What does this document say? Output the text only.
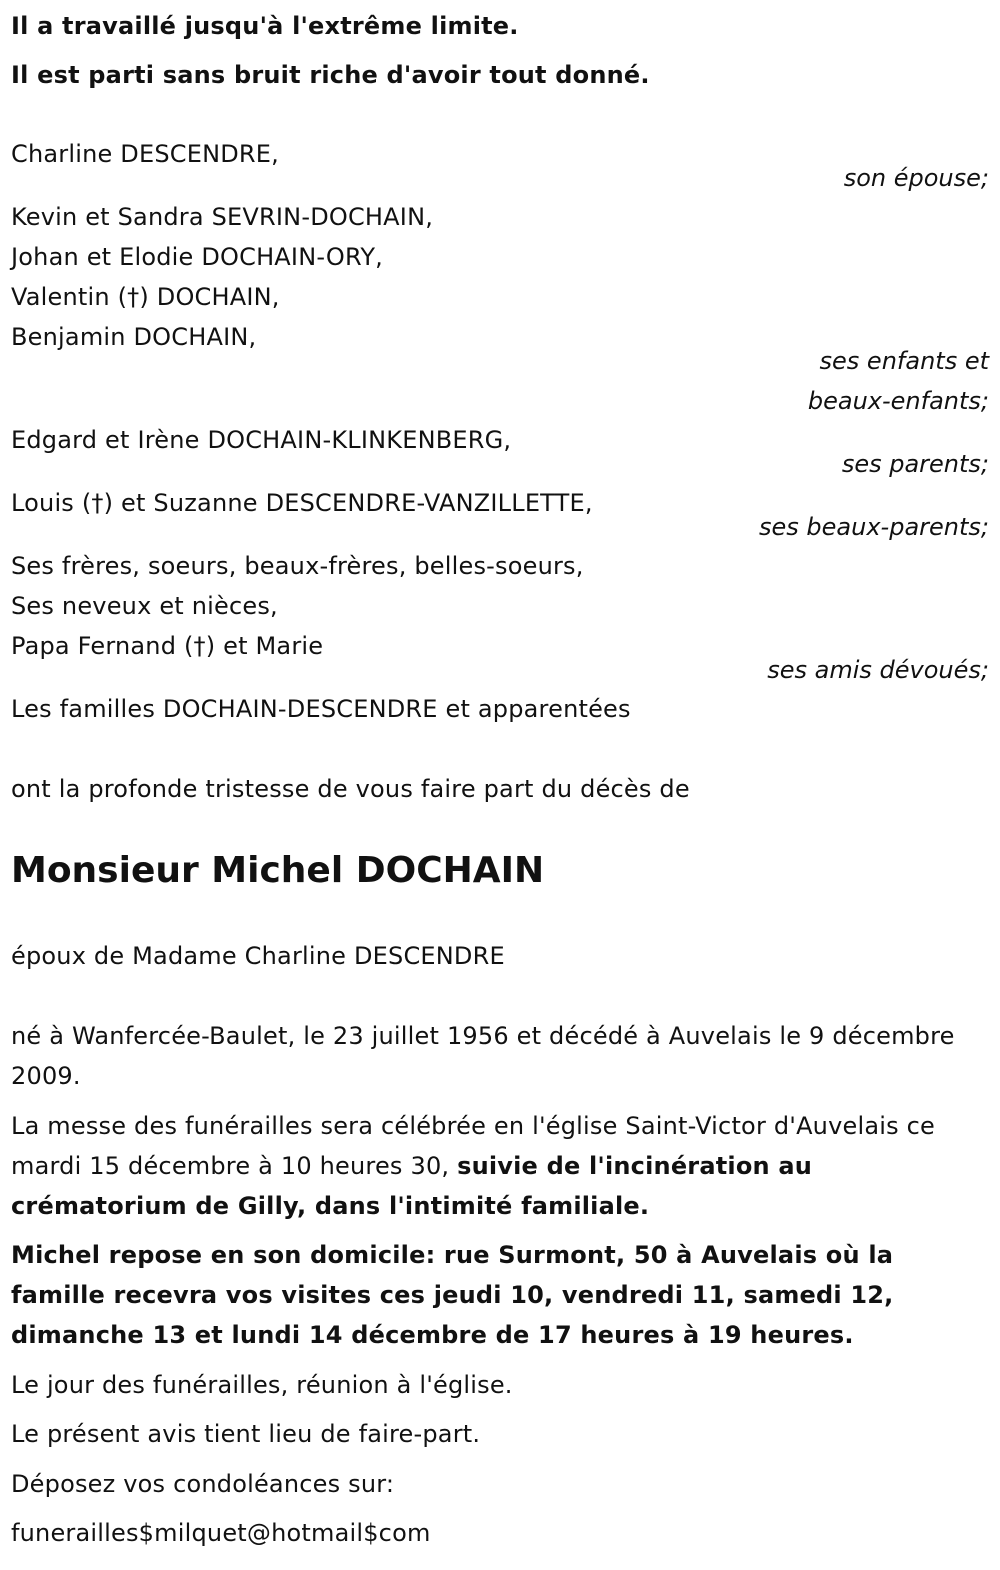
Il a travaillé jusqu'à l'extrême limite.
Il est parti sans bruit riche d'avoir tout donné.
Charline DESCENDRE,
son épouse;
Kevin et Sandra SEVRIN-DOCHAIN,
Johan et Elodie DOCHAIN-ORY,
Valentin (†) DOCHAIN,
Benjamin DOCHAIN,
ses enfants et
beaux-enfants;
Edgard et Irène DOCHAIN-KLINKENBERG,
ses parents;
Louis (†) et Suzanne DESCENDRE-VANZILLETTE,
ses beaux-parents;
Ses frères, soeurs, beaux-frères, belles-soeurs,
Ses neveux et nièces,
Papa Fernand (†) et Marie
ses amis dévoués;
Les familles DOCHAIN-DESCENDRE et apparentées
ont la profonde tristesse de vous faire part du décès de
Monsieur Michel DOCHAIN
époux de Madame Charline DESCENDRE
né à Wanfercée-Baulet, le 23 juillet 1956 et décédé à Auvelais le 9 décembre 2009.
La messe des funérailles sera célébrée en l'église Saint-Victor d'Auvelais ce mardi 15 décembre à 10 heures 30, suivie de l'incinération au crématorium de Gilly, dans l'intimité familiale.
Michel repose en son domicile: rue Surmont, 50 à Auvelais où la famille recevra vos visites ces jeudi 10, vendredi 11, samedi 12, dimanche 13 et lundi 14 décembre de 17 heures à 19 heures.
Le jour des funérailles, réunion à l'église.
Le présent avis tient lieu de faire-part.
Déposez vos condoléances sur:
funerailles$milquet@hotmail$com
